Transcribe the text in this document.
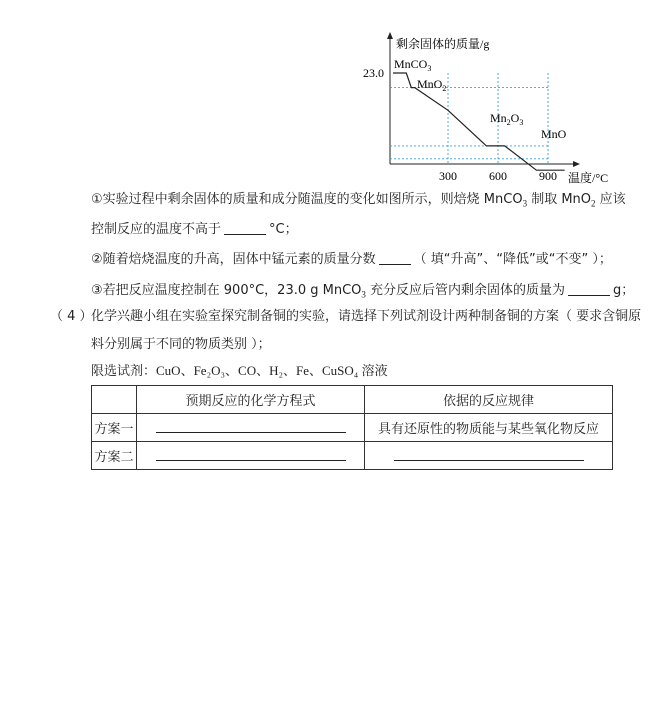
剩余固体的质量/g
温度/°C
23.0
300	600	900
MnCO$_3$
MnO$_2$
$Mn_2O_3$
MnO
①实验过程中剩余固体的质量和成分随温度的变化如图所示，则焙烧 MnCO$_3$ 制取 MnO$_2$ 应该
控制反应的温度不高于	°C；
②随着焙烧温度的升高，固体中锰元素的质量分数	（ 填“升高”、“降低”或“不变” ）；
③若把反应温度控制在 900°C，23.0 g MnCO$_3$ 充分反应后管内剩余固体的质量为	g；
（ 4 ）化学兴趣小组在实验室探究制备铜的实验，请选择下列试剂设计两种制备铜的方案（ 要求含铜原
料分别属于不同的物质类别 ）；
限选试剂：CuO、Fe₂O₃、CO、H₂、Fe、CuSO₄ 溶液
	预期反应的化学方程式	依据的反应规律
方案一		具有还原性的物质能与某些氧化物反应
方案二		
